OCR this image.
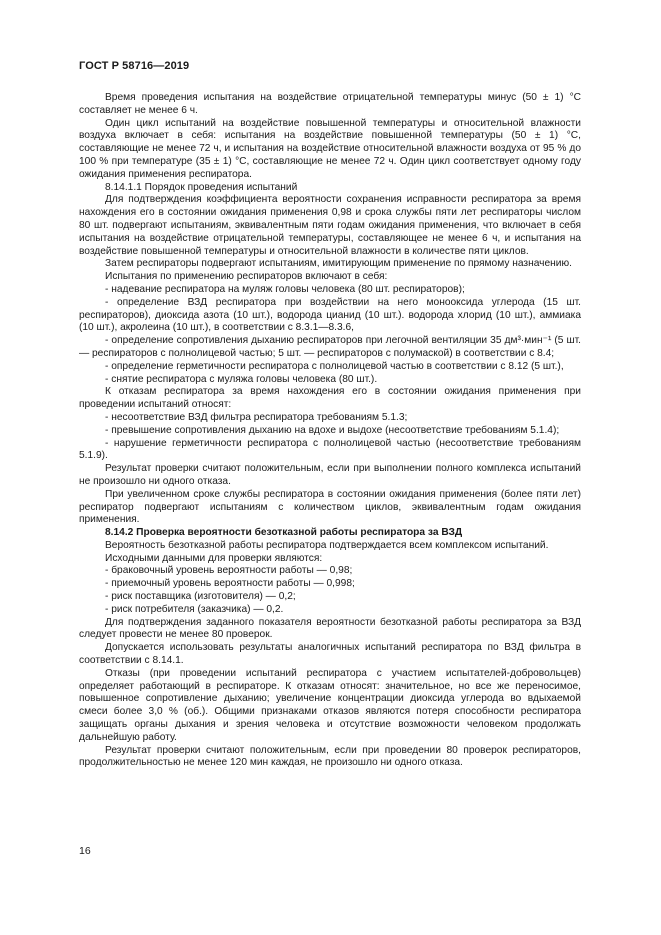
ГОСТ Р 58716—2019

Время проведения испытания на воздействие отрицательной температуры минус (50 ± 1) °С составляет не менее 6 ч.

Один цикл испытаний на воздействие повышенной температуры и относительной влажности воздуха включает в себя: испытания на воздействие повышенной температуры (50 ± 1) °С, составляющие не менее 72 ч, и испытания на воздействие относительной влажности воздуха от 95 % до 100 % при температуре (35 ± 1) °С, составляющие не менее 72 ч. Один цикл соответствует одному году ожидания применения респиратора.

8.14.1.1 Порядок проведения испытаний

Для подтверждения коэффициента вероятности сохранения исправности респиратора за время нахождения его в состоянии ожидания применения 0,98 и срока службы пяти лет респираторы числом 80 шт. подвергают испытаниям, эквивалентным пяти годам ожидания применения, что включает в себя испытания на воздействие отрицательной температуры, составляющее не менее 6 ч, и испытания на воздействие повышенной температуры и относительной влажности в количестве пяти циклов.

Затем респираторы подвергают испытаниям, имитирующим применение по прямому назначению.

Испытания по применению респираторов включают в себя:

- надевание респиратора на муляж головы человека (80 шт. респираторов);

- определение ВЗД респиратора при воздействии на него монооксида углерода (15 шт. респираторов), диоксида азота (10 шт.), водорода цианид (10 шт.). водорода хлорид (10 шт.), аммиака (10 шт.), акролеина (10 шт.), в соответствии с 8.3.1—8.3.6,

- определение сопротивления дыханию респираторов при легочной вентиляции 35 дм³·мин⁻¹ (5 шт. — респираторов с полнолицевой частью; 5 шт. — респираторов с полумаской) в соответствии с 8.4;

- определение герметичности респиратора с полнолицевой частью в соответствии с 8.12 (5 шт.),

- снятие респиратора с муляжа головы человека (80 шт.).

К отказам респиратора за время нахождения его в состоянии ожидания применения при проведении испытаний относят:

- несоответствие ВЗД фильтра респиратора требованиям 5.1.3;

- превышение сопротивления дыханию на вдохе и выдохе (несоответствие требованиям 5.1.4);

- нарушение герметичности респиратора с полнолицевой частью (несоответствие требованиям 5.1.9).

Результат проверки считают положительным, если при выполнении полного комплекса испытаний не произошло ни одного отказа.

При увеличенном сроке службы респиратора в состоянии ожидания применения (более пяти лет) респиратор подвергают испытаниям с количеством циклов, эквивалентным годам ожидания применения.

8.14.2 Проверка вероятности безотказной работы респиратора за ВЗД

Вероятность безотказной работы респиратора подтверждается всем комплексом испытаний.

Исходными данными для проверки являются:

- браковочный уровень вероятности работы — 0,98;

- приемочный уровень вероятности работы — 0,998;

- риск поставщика (изготовителя) — 0,2;

- риск потребителя (заказчика) — 0,2.

Для подтверждения заданного показателя вероятности безотказной работы респиратора за ВЗД следует провести не менее 80 проверок.

Допускается использовать результаты аналогичных испытаний респиратора по ВЗД фильтра в соответствии с 8.14.1.

Отказы (при проведении испытаний респиратора с участием испытателей-добровольцев) определяет работающий в респираторе. К отказам относят: значительное, но все же переносимое, повышенное сопротивление дыханию; увеличение концентрации диоксида углерода во вдыхаемой смеси более 3,0 % (об.). Общими признаками отказов являются потеря способности респиратора защищать органы дыхания и зрения человека и отсутствие возможности человеком продолжать дальнейшую работу.

Результат проверки считают положительным, если при проведении 80 проверок респираторов, продолжительностью не менее 120 мин каждая, не произошло ни одного отказа.

16
